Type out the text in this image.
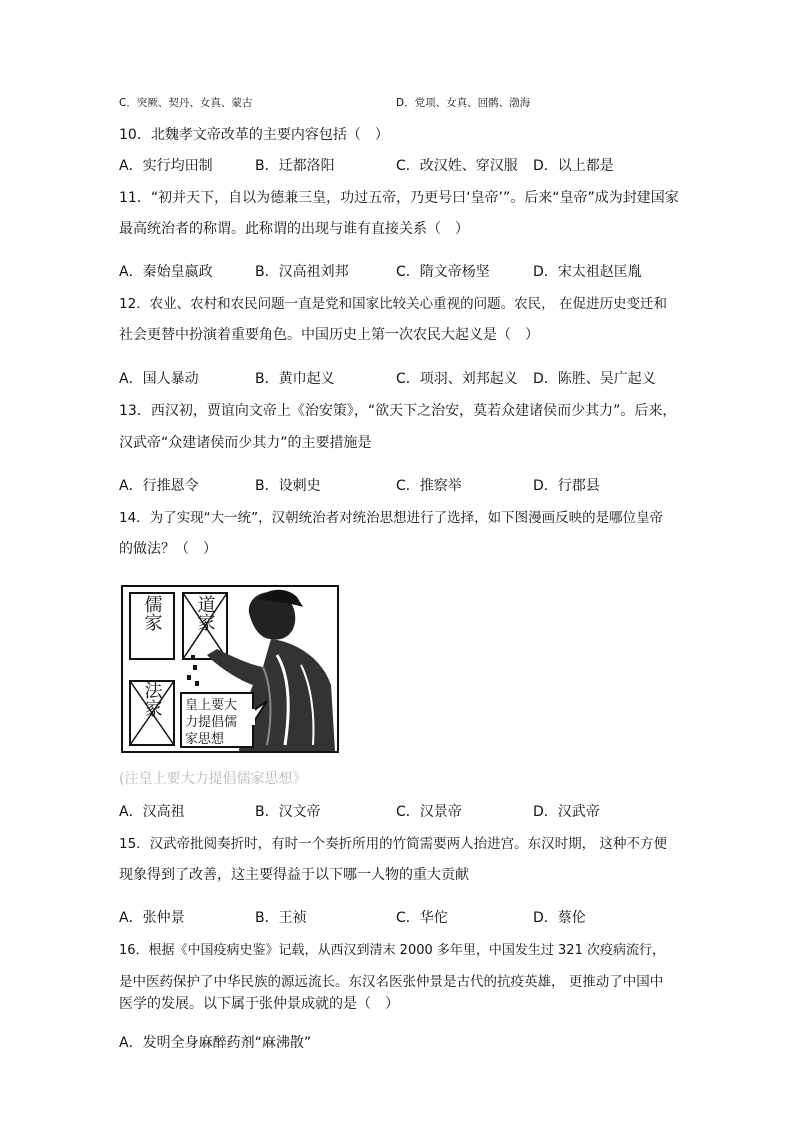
C．突厥、契丹、女真、蒙古	D．党项、女真、回鹘、渤海
10．北魏孝文帝改革的主要内容包括（　）
A．实行均田制	B．迁都洛阳	C．改汉姓、穿汉服 D．以上都是
11．“初并天下，自以为德兼三皇，功过五帝，乃更号曰‘皇帝’”。后来“皇帝”成为封建国家
最高统治者的称谓。此称谓的出现与谁有直接关系（　）
A．秦始皇嬴政	B．汉高祖刘邦	C．隋文帝杨坚	D．宋太祖赵匡胤
12．农业、农村和农民问题一直是党和国家比较关心重视的问题。农民， 在促进历史变迁和
社会更替中扮演着重要角色。中国历史上第一次农民大起义是（　）
A．国人暴动	B．黄巾起义	C．项羽、刘邦起义 D．陈胜、吴广起义
13．西汉初，贾谊向文帝上《治安策》，“欲天下之治安，莫若众建诸侯而少其力”。后来，
汉武帝“众建诸侯而少其力”的主要措施是
A．行推恩令	B．设刺史	C．推察举	D．行郡县
14．为了实现“大一统”，汉朝统治者对统治思想进行了选择，如下图漫画反映的是哪位皇帝
的做法？（　）
儒家 道家
法家 皇上要大
力提倡儒
家思想
(注皇上要大力提倡儒家思想》
A．汉高祖	B．汉文帝	C．汉景帝	D．汉武帝
15．汉武帝批阅奏折时，有时一个奏折所用的竹简需要两人抬进宫。东汉时期， 这种不方便
现象得到了改善，这主要得益于以下哪一人物的重大贡献
A．张仲景	B．王祯	C．华佗	D．蔡伦
16．根据《中国疫病史鉴》记载，从西汉到清末 2000 多年里，中国发生过 321 次疫病流行，
是中医药保护了中华民族的源远流长。东汉名医张仲景是古代的抗疫英雄， 更推动了中国中
医学的发展。以下属于张仲景成就的是（　）
A．发明全身麻醉药剂“麻沸散”
